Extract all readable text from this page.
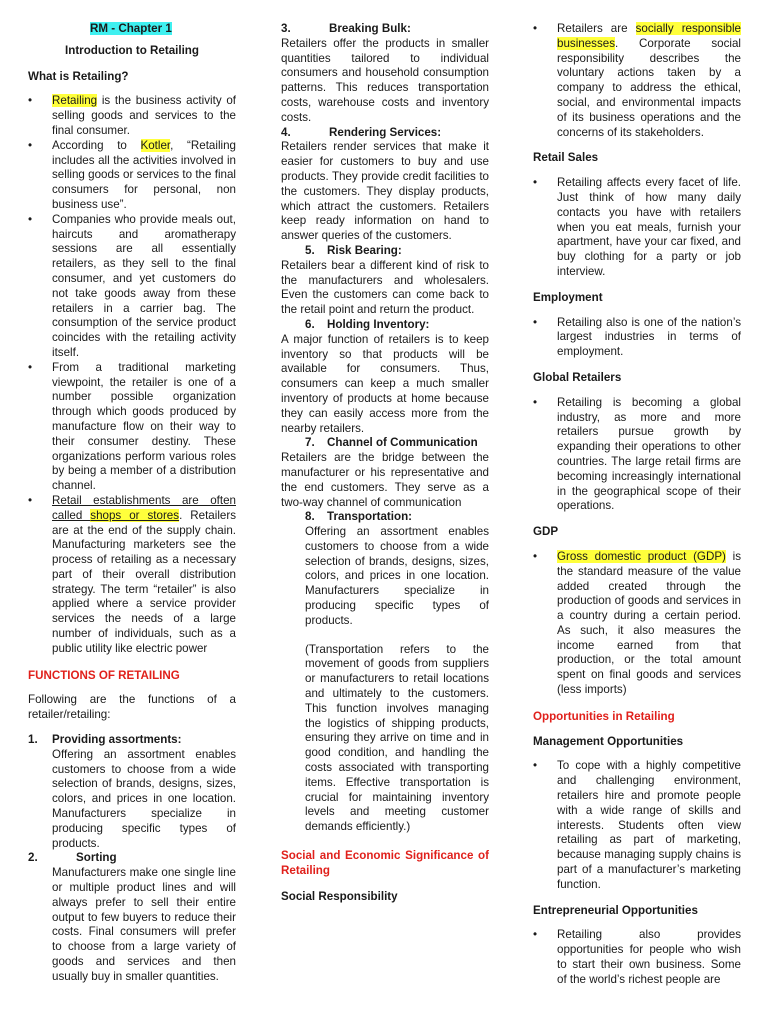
RM - Chapter 1
Introduction to Retailing
What is Retailing?
• Retailing is the business activity of selling goods and services to the final consumer.
• According to Kotler, “Retailing includes all the activities involved in selling goods or services to the final consumers for personal, non business use”.
• Companies who provide meals out, haircuts and aromatherapy sessions are all essentially retailers, as they sell to the final consumer, and yet customers do not take goods away from these retailers in a carrier bag. The consumption of the service product coincides with the retailing activity itself.
• From a traditional marketing viewpoint, the retailer is one of a number possible organization through which goods produced by manufacture flow on their way to their consumer destiny. These organizations perform various roles by being a member of a distribution channel.
• Retail establishments are often called shops or stores. Retailers are at the end of the supply chain. Manufacturing marketers see the process of retailing as a necessary part of their overall distribution strategy. The term “retailer” is also applied where a service provider services the needs of a large number of individuals, such as a public utility like electric power
FUNCTIONS OF RETAILING

Following are the functions of a retailer/retailing:

1.	Providing assortments:

Offering an assortment enables customers to choose from a wide selection of brands, designs, sizes, colors, and prices in one location. Manufacturers specialize in producing specific types of products.

2.	Sorting

Manufacturers make one single line or multiple product lines and will always prefer to sell their entire output to few buyers to reduce their costs. Final consumers will prefer to choose from a large variety of goods and services and then usually buy in smaller quantities.

3.	Breaking Bulk:

Retailers offer the products in smaller quantities tailored to individual consumers and household consumption patterns. This reduces transportation costs, warehouse costs and inventory costs.

4.	Rendering Services:

Retailers render services that make it easier for customers to buy and use products. They provide credit facilities to the customers. They display products, which attract the customers. Retailers keep ready information on hand to answer queries of the customers.

5.	Risk Bearing:

Retailers bear a different kind of risk to the manufacturers and wholesalers. Even the customers can come back to the retail point and return the product.

6.	Holding Inventory:

A major function of retailers is to keep inventory so that products will be available for consumers. Thus, consumers can keep a much smaller inventory of products at home because they can easily access more from the nearby retailers.

7.	Channel of Communication

Retailers are the bridge between the manufacturer or his representative and the end customers. They serve as a two-way channel of communication

8.	Transportation:

Offering an assortment enables customers to choose from a wide selection of brands, designs, sizes, colors, and prices in one location. Manufacturers specialize in producing specific types of products.

(Transportation refers to the movement of goods from suppliers or manufacturers to retail locations and ultimately to the customers. This function involves managing the logistics of shipping products, ensuring they arrive on time and in good condition, and handling the costs associated with transporting items. Effective transportation is crucial for maintaining inventory levels and meeting customer demands efficiently.)

Social and Economic Significance of Retailing
Social Responsibility
• Retailers are socially responsible businesses. Corporate social responsibility describes the voluntary actions taken by a company to address the ethical, social, and environmental impacts of its business operations and the concerns of its stakeholders.
Retail Sales
• Retailing affects every facet of life. Just think of how many daily contacts you have with retailers when you eat meals, furnish your apartment, have your car fixed, and buy clothing for a party or job interview.
Employment
• Retailing also is one of the nation’s largest industries in terms of employment.
Global Retailers
• Retailing is becoming a global industry, as more and more retailers pursue growth by expanding their operations to other countries. The large retail firms are becoming increasingly international in the geographical scope of their operations.
GDP
• Gross domestic product (GDP) is the standard measure of the value added created through the production of goods and services in a country during a certain period. As such, it also measures the income earned from that production, or the total amount spent on final goods and services (less imports)
Opportunities in Retailing
Management Opportunities
• To cope with a highly competitive and challenging environment, retailers hire and promote people with a wide range of skills and interests. Students often view retailing as part of marketing, because managing supply chains is part of a manufacturer’s marketing function.
Entrepreneurial Opportunities
• Retailing also provides opportunities for people who wish to start their own business. Some of the world’s richest people are
